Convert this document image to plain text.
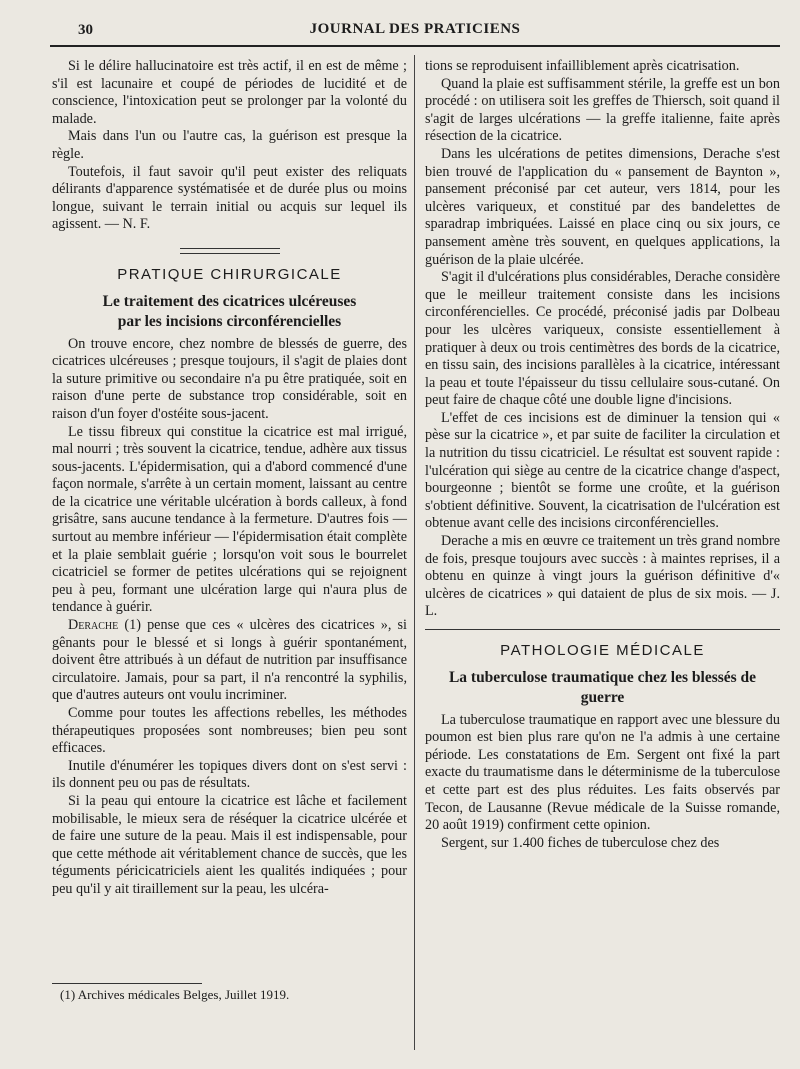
30	JOURNAL DES PRATICIENS

Si le délire hallucinatoire est très actif, il en est de même ; s'il est lacunaire et coupé de périodes de lucidité et de conscience, l'intoxication peut se prolonger par la volonté du malade.

Mais dans l'un ou l'autre cas, la guérison est presque la règle.

Toutefois, il faut savoir qu'il peut exister des reliquats délirants d'apparence systématisée et de durée plus ou moins longue, suivant le terrain initial ou acquis sur lequel ils agissent. — N. F.

PRATIQUE CHIRURGICALE
Le traitement des cicatrices ulcéreuses
par les incisions circonférencielles

On trouve encore, chez nombre de blessés de guerre, des cicatrices ulcéreuses ; presque toujours, il s'agit de plaies dont la suture primitive ou secondaire n'a pu être pratiquée, soit en raison d'une perte de substance trop considérable, soit en raison d'un foyer d'ostéite sous-jacent.

Le tissu fibreux qui constitue la cicatrice est mal irrigué, mal nourri ; très souvent la cicatrice, tendue, adhère aux tissus sous-jacents. L'épidermisation, qui a d'abord commencé d'une façon normale, s'arrête à un certain moment, laissant au centre de la cicatrice une véritable ulcération à bords calleux, à fond grisâtre, sans aucune tendance à la fermeture. D'autres fois — surtout au membre inférieur — l'épidermisation était complète et la plaie semblait guérie ; lorsqu'on voit sous le bourrelet cicatriciel se former de petites ulcérations qui se rejoignent peu à peu, formant une ulcération large qui n'aura plus de tendance à guérir.

Derache (1) pense que ces « ulcères des cicatrices », si gênants pour le blessé et si longs à guérir spontanément, doivent être attribués à un défaut de nutrition par insuffisance circulatoire. Jamais, pour sa part, il n'a rencontré la syphilis, que d'autres auteurs ont voulu incriminer.

Comme pour toutes les affections rebelles, les méthodes thérapeutiques proposées sont nombreuses; bien peu sont efficaces.

Inutile d'énumérer les topiques divers dont on s'est servi : ils donnent peu ou pas de résultats.

Si la peau qui entoure la cicatrice est lâche et facilement mobilisable, le mieux sera de réséquer la cicatrice ulcérée et de faire une suture de la peau. Mais il est indispensable, pour que cette méthode ait véritablement chance de succès, que les téguments péricicatriciels aient les qualités indiquées ; pour peu qu'il y ait tiraillement sur la peau, les ulcéra-

(1) Archives médicales Belges, Juillet 1919.

tions se reproduisent infailliblement après cicatrisation.

Quand la plaie est suffisamment stérile, la greffe est un bon procédé : on utilisera soit les greffes de Thiersch, soit quand il s'agit de larges ulcérations — la greffe italienne, faite après résection de la cicatrice.

Dans les ulcérations de petites dimensions, Derache s'est bien trouvé de l'application du « pansement de Baynton », pansement préconisé par cet auteur, vers 1814, pour les ulcères variqueux, et constitué par des bandelettes de sparadrap imbriquées. Laissé en place cinq ou six jours, ce pansement amène très souvent, en quelques applications, la guérison de la plaie ulcérée.

S'agit il d'ulcérations plus considérables, Derache considère que le meilleur traitement consiste dans les incisions circonférencielles. Ce procédé, préconisé jadis par Dolbeau pour les ulcères variqueux, consiste essentiellement à pratiquer à deux ou trois centimètres des bords de la cicatrice, en tissu sain, des incisions parallèles à la cicatrice, intéressant la peau et toute l'épaisseur du tissu cellulaire sous-cutané. On peut faire de chaque côté une double ligne d'incisions.

L'effet de ces incisions est de diminuer la tension qui « pèse sur la cicatrice », et par suite de faciliter la circulation et la nutrition du tissu cicatriciel. Le résultat est souvent rapide : l'ulcération qui siège au centre de la cicatrice change d'aspect, bourgeonne ; bientôt se forme une croûte, et la guérison s'obtient définitive. Souvent, la cicatrisation de l'ulcération est obtenue avant celle des incisions circonférencielles.

Derache a mis en œuvre ce traitement un très grand nombre de fois, presque toujours avec succès : à maintes reprises, il a obtenu en quinze à vingt jours la guérison définitive d'« ulcères de cicatrices » qui dataient de plus de six mois. — J. L.

PATHOLOGIE MÉDICALE
La tuberculose traumatique chez les blessés de
guerre

La tuberculose traumatique en rapport avec une blessure du poumon est bien plus rare qu'on ne l'a admis à une certaine période. Les constatations de Em. Sergent ont fixé la part exacte du traumatisme dans le déterminisme de la tuberculose et cette part est des plus réduites. Les faits observés par Tecon, de Lausanne (Revue médicale de la Suisse romande, 20 août 1919) confirment cette opinion.

Sergent, sur 1.400 fiches de tuberculose chez des
